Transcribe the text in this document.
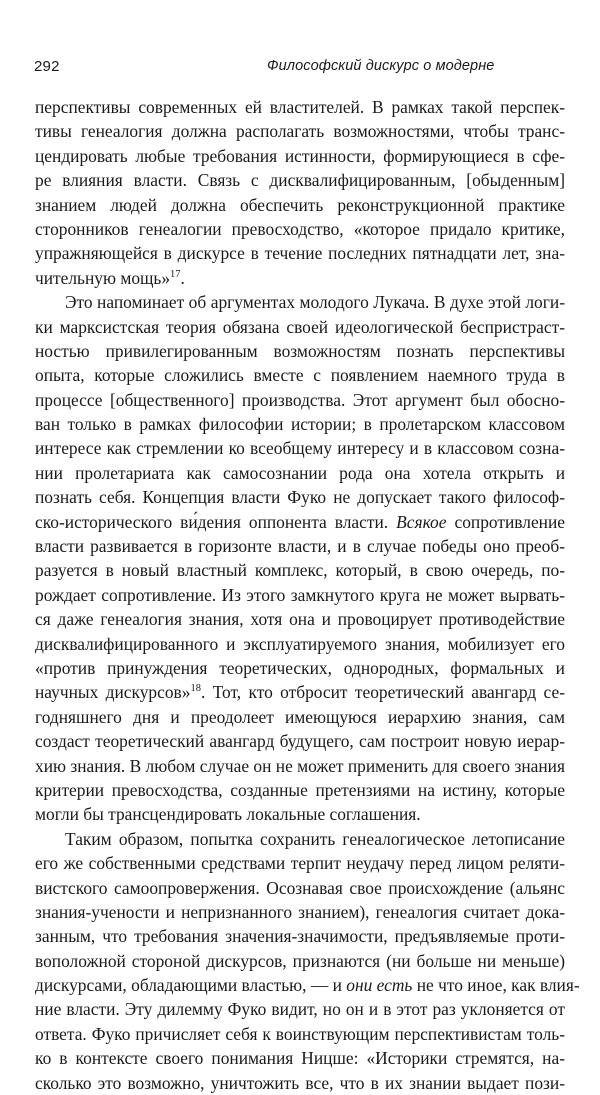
292	Философский дискурс о модерне
перспективы современных ей властителей. В рамках такой перспек-
тивы генеалогия должна располагать возможностями, чтобы транс-
цендировать любые требования истинности, формирующиеся в сфе-
ре влияния власти. Связь с дисквалифицированным, [обыденным]
знанием людей должна обеспечить реконструкционной практике
сторонников генеалогии превосходство, «которое придало критике,
упражняющейся в дискурсе в течение последних пятнадцати лет, зна-
чительную мощь»$^{17}$.
Это напоминает об аргументах молодого Лукача. В духе этой логи-
ки марксистская теория обязана своей идеологической беспристраст-
ностью привилегированным возможностям познать перспективы
опыта, которые сложились вместе с появлением наемного труда в
процессе [общественного] производства. Этот аргумент был обосно-
ван только в рамках философии истории; в пролетарском классовом
интересе как стремлении ко всеобщему интересу и в классовом созна-
нии пролетариата как самосознании рода она хотела открыть и
познать себя. Концепция власти Фуко не допускает такого философ-
ско-исторического ви́дения оппонента власти. Всякое сопротивление
власти развивается в горизонте власти, и в случае победы оно преоб-
разуется в новый властный комплекс, который, в свою очередь, по-
рождает сопротивление. Из этого замкнутого круга не может вырвать-
ся даже генеалогия знания, хотя она и провоцирует противодействие
дисквалифицированного и эксплуатируемого знания, мобилизует его
«против принуждения теоретических, однородных, формальных и
научных дискурсов»$^{18}$. Тот, кто отбросит теоретический авангард се-
годняшнего дня и преодолеет имеющуюся иерархию знания, сам
создаст теоретический авангард будущего, сам построит новую иерар-
хию знания. В любом случае он не может применить для своего знания
критерии превосходства, созданные претензиями на истину, которые
могли бы трансцендировать локальные соглашения.
Таким образом, попытка сохранить генеалогическое летописание
его же собственными средствами терпит неудачу перед лицом реляти-
вистского самоопровержения. Осознавая свое происхождение (альянс
знания-учености и непризнанного знанием), генеалогия считает дока-
занным, что требования значения-значимости, предъявляемые проти-
воположной стороной дискурсов, признаются (ни больше ни меньше)
дискурсами, обладающими властью, — и они есть не что иное, как влия-
ние власти. Эту дилемму Фуко видит, но он и в этот раз уклоняется от
ответа. Фуко причисляет себя к воинствующим перспективистам толь-
ко в контексте своего понимания Ницше: «Историки стремятся, на-
сколько это возможно, уничтожить все, что в их знании выдает пози-
